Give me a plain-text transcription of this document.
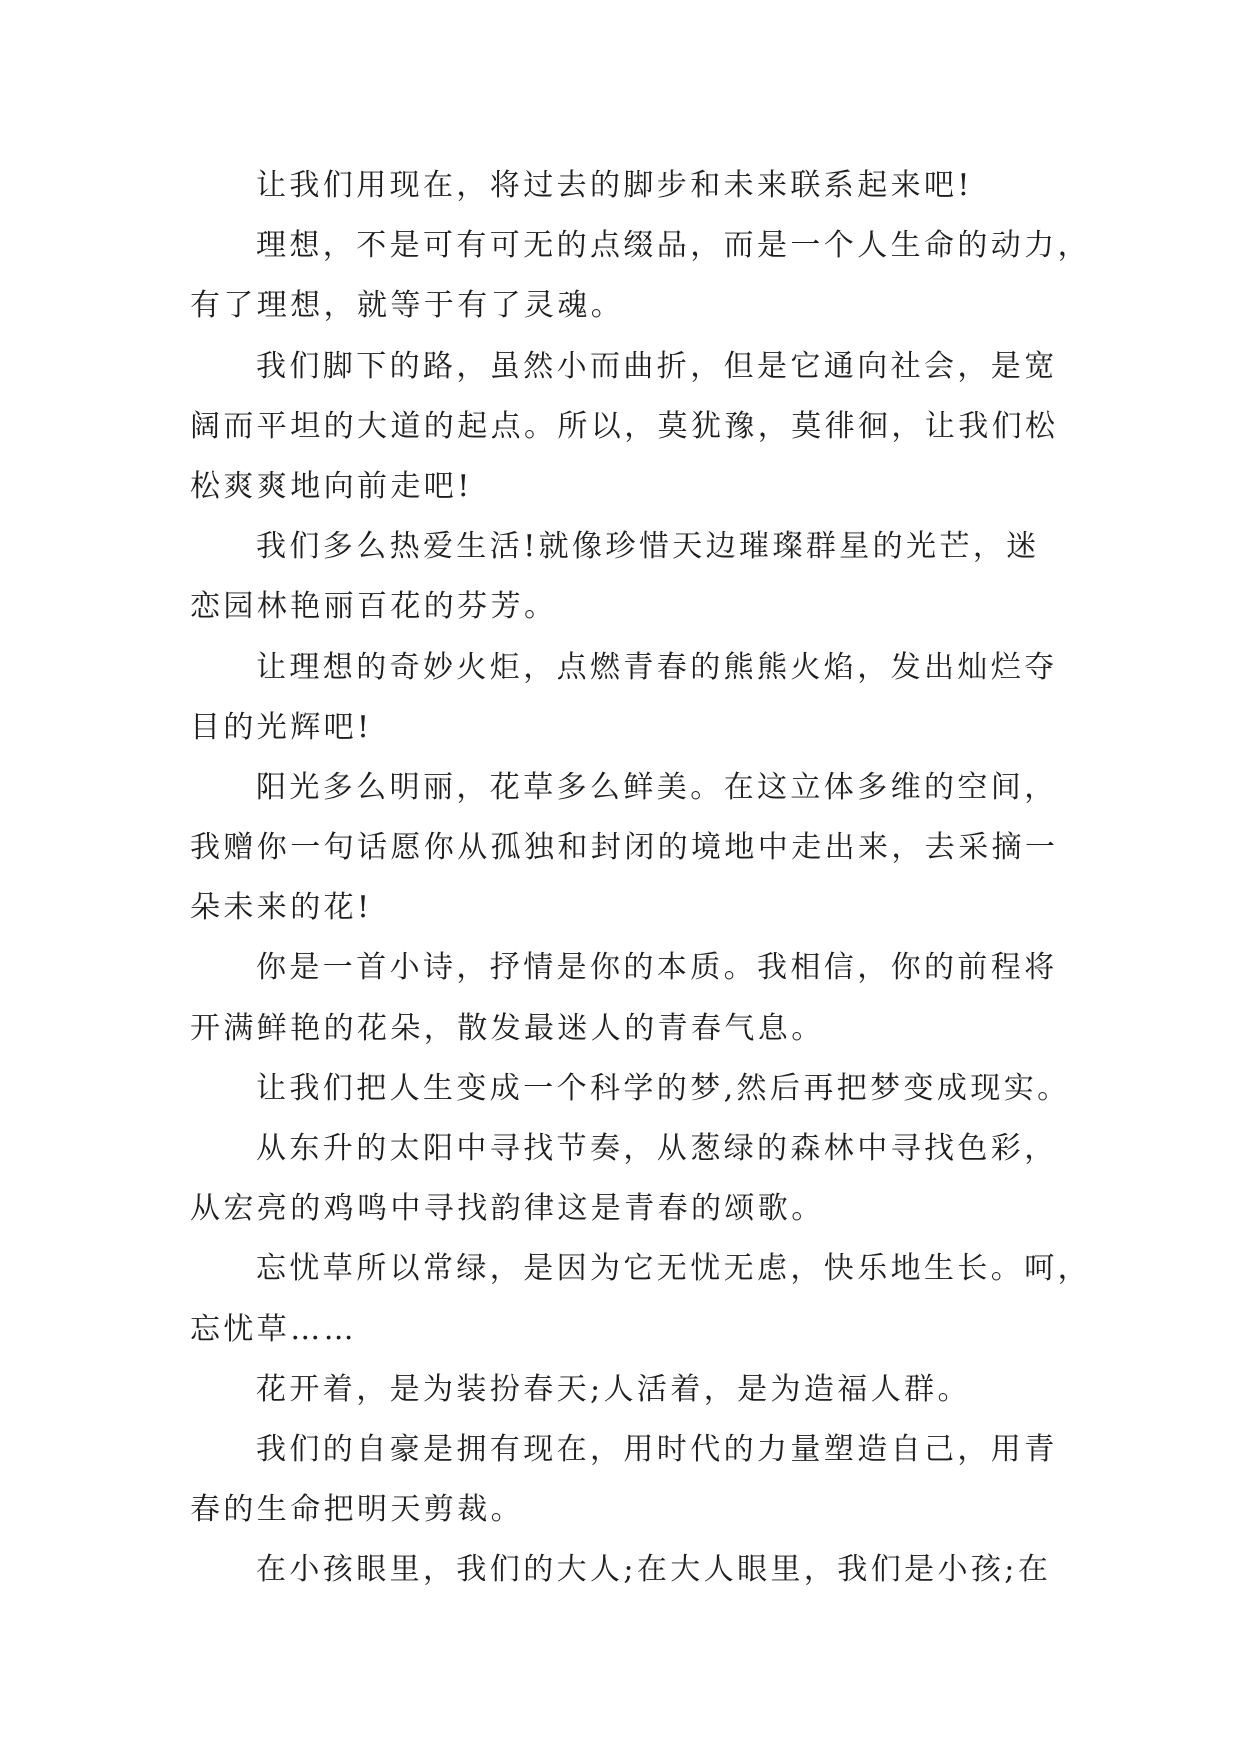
让我们用现在，将过去的脚步和未来联系起来吧!
理想，不是可有可无的点缀品，而是一个人生命的动力，
有了理想，就等于有了灵魂。
我们脚下的路，虽然小而曲折，但是它通向社会，是宽
阔而平坦的大道的起点。所以，莫犹豫，莫徘徊，让我们松
松爽爽地向前走吧!
我们多么热爱生活!就像珍惜天边璀璨群星的光芒，迷
恋园林艳丽百花的芬芳。
让理想的奇妙火炬，点燃青春的熊熊火焰，发出灿烂夺
目的光辉吧!
阳光多么明丽，花草多么鲜美。在这立体多维的空间，
我赠你一句话愿你从孤独和封闭的境地中走出来，去采摘一
朵未来的花!
你是一首小诗，抒情是你的本质。我相信，你的前程将
开满鲜艳的花朵，散发最迷人的青春气息。
让我们把人生变成一个科学的梦,然后再把梦变成现实。
从东升的太阳中寻找节奏，从葱绿的森林中寻找色彩，
从宏亮的鸡鸣中寻找韵律这是青春的颂歌。
忘忧草所以常绿，是因为它无忧无虑，快乐地生长。呵，
忘忧草……
花开着，是为装扮春天;人活着，是为造福人群。
我们的自豪是拥有现在，用时代的力量塑造自己，用青
春的生命把明天剪裁。
在小孩眼里，我们的大人;在大人眼里，我们是小孩;在
